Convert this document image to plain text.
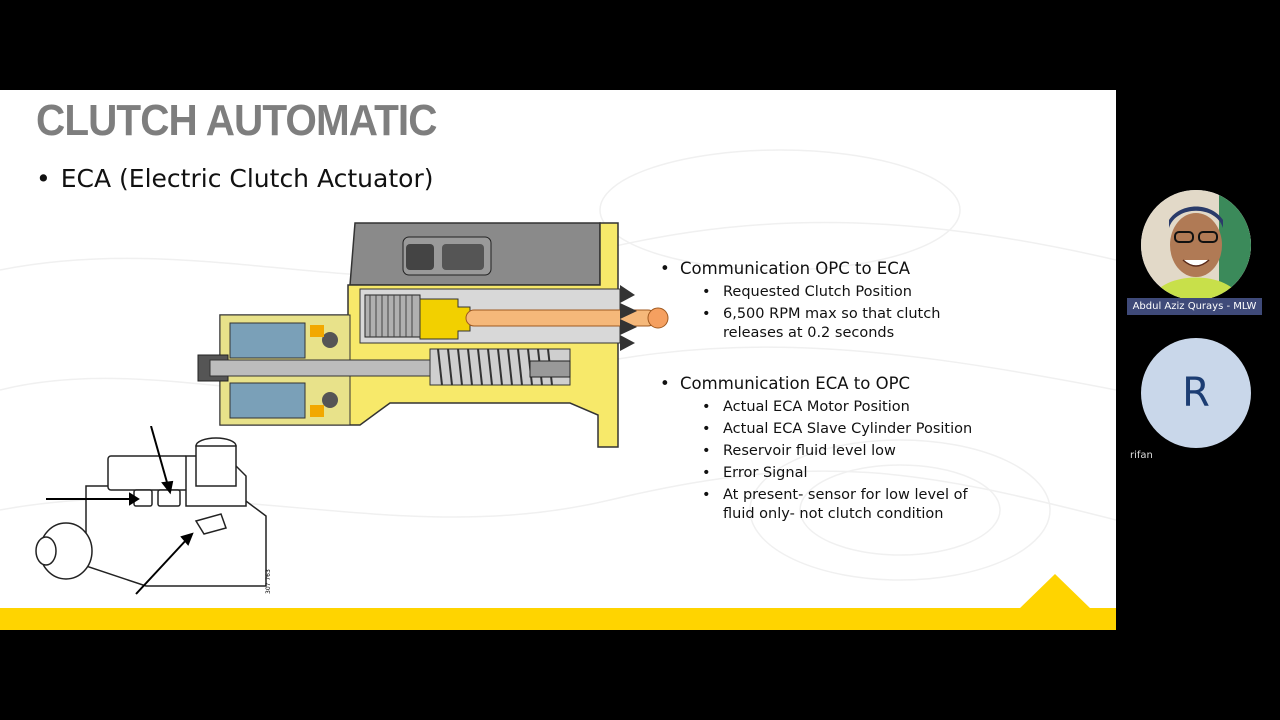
CLUTCH AUTOMATIC
• ECA (Electric Clutch Actuator)
307 763
• Communication OPC to ECA
• Requested Clutch Position
• 6,500 RPM max so that clutch releases at 0.2 seconds
• Communication ECA to OPC
• Actual ECA Motor Position
• Actual ECA Slave Cylinder Position
• Reservoir fluid level low
• Error Signal
• At present- sensor for low level of fluid only- not clutch condition
Abdul Aziz Qurays - MLW
R
rifan
